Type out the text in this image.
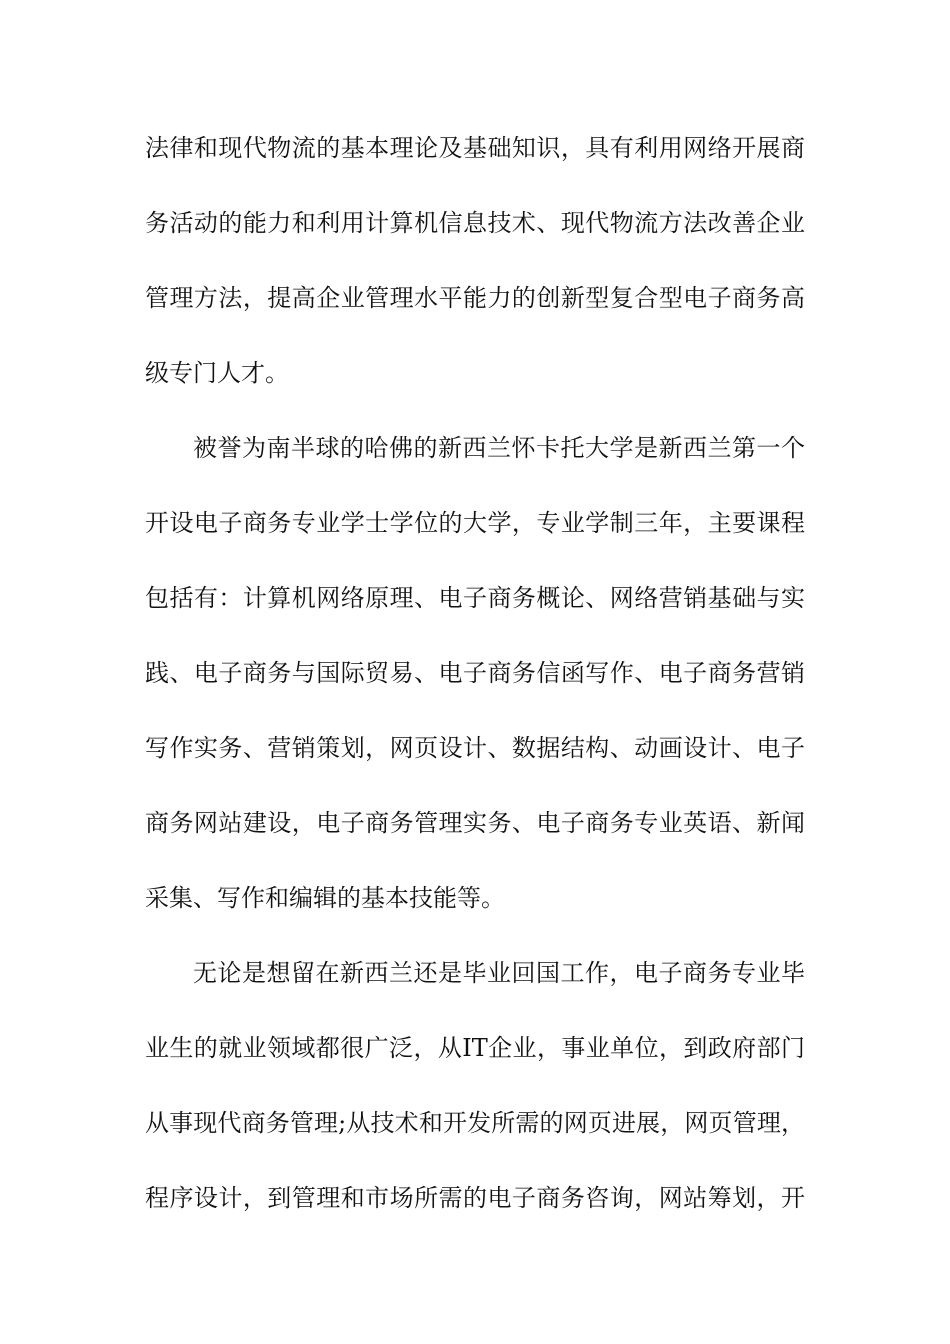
法律和现代物流的基本理论及基础知识，具有利用网络开展商
务活动的能力和利用计算机信息技术、现代物流方法改善企业
管理方法，提高企业管理水平能力的创新型复合型电子商务高
级专门人才。
被誉为南半球的哈佛的新西兰怀卡托大学是新西兰第一个
开设电子商务专业学士学位的大学，专业学制三年，主要课程
包括有：计算机网络原理、电子商务概论、网络营销基础与实
践、电子商务与国际贸易、电子商务信函写作、电子商务营销
写作实务、营销策划，网页设计、数据结构、动画设计、电子
商务网站建设，电子商务管理实务、电子商务专业英语、新闻
采集、写作和编辑的基本技能等。
无论是想留在新西兰还是毕业回国工作，电子商务专业毕
业生的就业领域都很广泛，从IT企业，事业单位，到政府部门
从事现代商务管理;从技术和开发所需的网页进展，网页管理，
程序设计，到管理和市场所需的电子商务咨询，网站筹划，开
